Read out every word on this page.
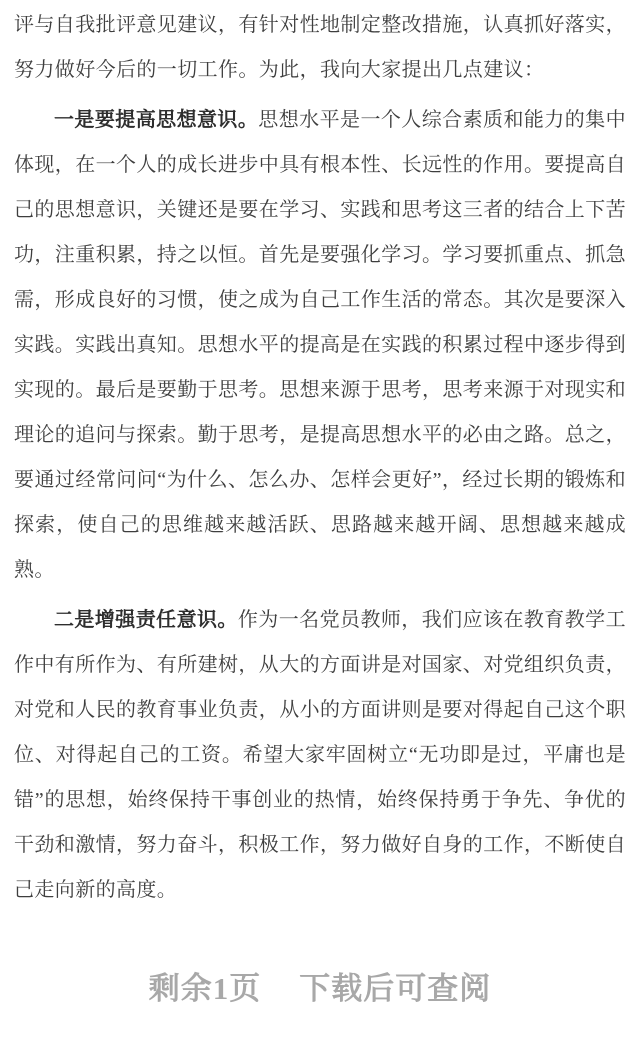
评与自我批评意见建议，有针对性地制定整改措施，认真抓好落实，努力做好今后的一切工作。为此，我向大家提出几点建议：

一是要提高思想意识。思想水平是一个人综合素质和能力的集中体现，在一个人的成长进步中具有根本性、长远性的作用。要提高自己的思想意识，关键还是要在学习、实践和思考这三者的结合上下苦功，注重积累，持之以恒。首先是要强化学习。学习要抓重点、抓急需，形成良好的习惯，使之成为自己工作生活的常态。其次是要深入实践。实践出真知。思想水平的提高是在实践的积累过程中逐步得到实现的。最后是要勤于思考。思想来源于思考，思考来源于对现实和理论的追问与探索。勤于思考，是提高思想水平的必由之路。总之，要通过经常问问“为什么、怎么办、怎样会更好”，经过长期的锻炼和探索，使自己的思维越来越活跃、思路越来越开阔、思想越来越成熟。

二是增强责任意识。作为一名党员教师，我们应该在教育教学工作中有所作为、有所建树，从大的方面讲是对国家、对党组织负责，对党和人民的教育事业负责，从小的方面讲则是要对得起自己这个职位、对得起自己的工资。希望大家牢固树立“无功即是过，平庸也是错”的思想，始终保持干事创业的热情，始终保持勇于争先、争优的干劲和激情，努力奋斗，积极工作，努力做好自身的工作，不断使自己走向新的高度。

剩余1页 下载后可查阅
